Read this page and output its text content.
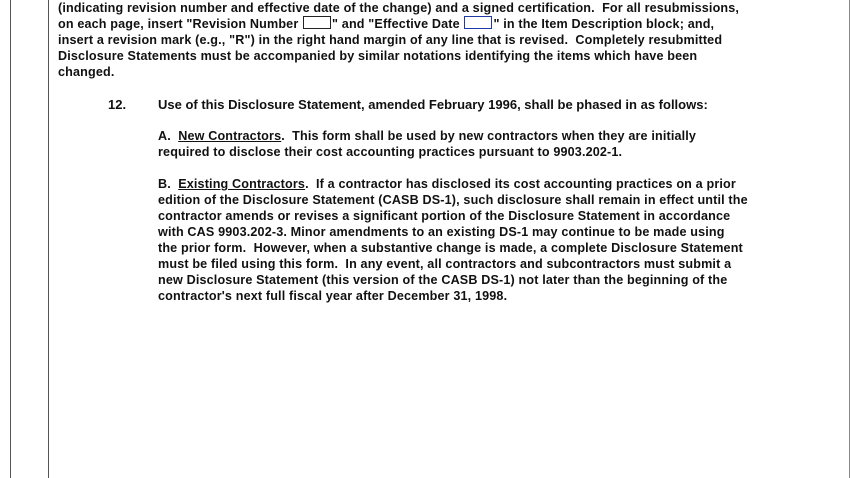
(indicating revision number and effective date of the change) and a signed certification.  For all resubmissions,
on each page, insert "Revision Number " and "Effective Date " in the Item Description block; and,
insert a revision mark (e.g., "R") in the right hand margin of any line that is revised.  Completely resubmitted
Disclosure Statements must be accompanied by similar notations identifying the items which have been
changed.
12. Use of this Disclosure Statement, amended February 1996, shall be phased in as follows:
A.  New Contractors.  This form shall be used by new contractors when they are initially
required to disclose their cost accounting practices pursuant to 9903.202-1.
B.  Existing Contractors.  If a contractor has disclosed its cost accounting practices on a prior
edition of the Disclosure Statement (CASB DS-1), such disclosure shall remain in effect until the
contractor amends or revises a significant portion of the Disclosure Statement in accordance
with CAS 9903.202-3. Minor amendments to an existing DS-1 may continue to be made using
the prior form.  However, when a substantive change is made, a complete Disclosure Statement
must be filed using this form.  In any event, all contractors and subcontractors must submit a
new Disclosure Statement (this version of the CASB DS-1) not later than the beginning of the
contractor's next full fiscal year after December 31, 1998.
